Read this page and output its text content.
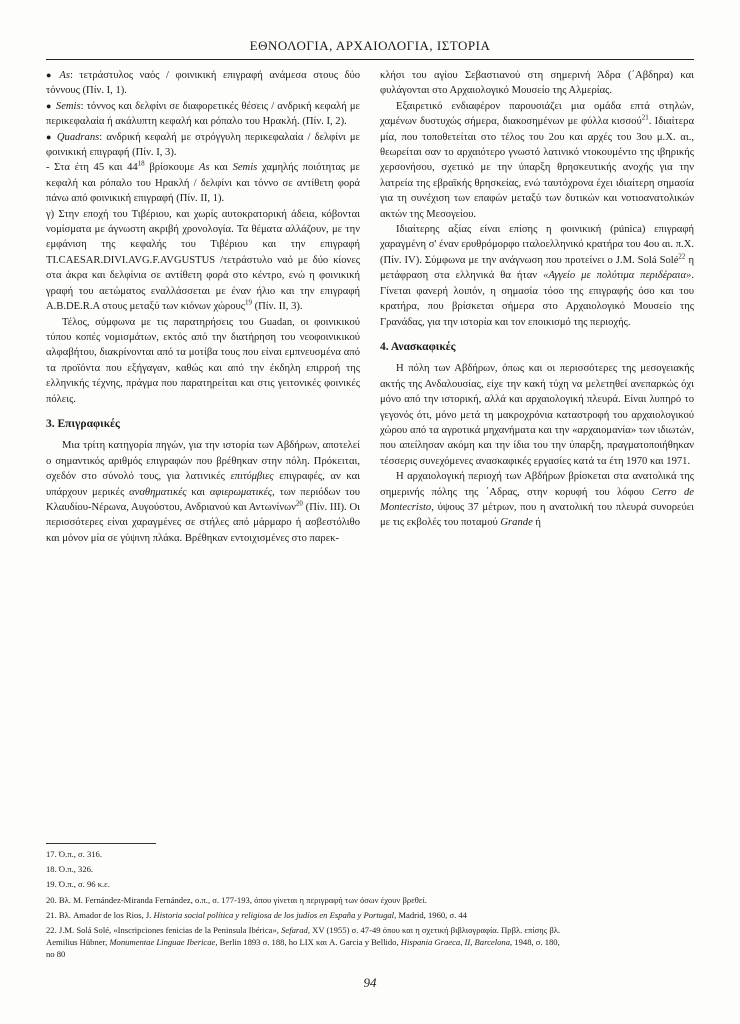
ΕΘΝΟΛΟΓΙΑ, ΑΡΧΑΙΟΛΟΓΙΑ, ΙΣΤΟΡΙΑ

● As: τετράστυλος ναός / φοινικική επιγραφή ανάμεσα στους δύο τόννους (Πίν. Ι, 1).

● Semis: τόννος και δελφίνι σε διαφορετικές θέσεις / ανδρική κεφαλή με περικεφαλαία ή ακάλυπτη κεφαλή και ρόπαλο του Ηρακλή. (Πίν. Ι, 2).

● Quadrans: ανδρική κεφαλή με στρόγγυλη περικεφαλαία / δελφίνι με φοινικική επιγραφή (Πίν. Ι, 3).

- Στα έτη 45 και $44^{18}$ βρίσκουμε As και Semis χαμηλής ποιότητας με κεφαλή και ρόπαλο του Ηρακλή / δελφίνι και τόννο σε αντίθετη φορά πάνω από φοινικική επιγραφή (Πίν. ΙΙ, 1).

γ) Στην εποχή του Τιβέριου, και χωρίς αυτοκρατορική άδεια, κόβονται νομίσματα με άγνωστη ακριβή χρονολογία. Τα θέματα αλλάζουν, με την εμφάνιση της κεφαλής του Τιβέριου και την επιγραφή TI.CAESAR.DIVI.AVG.F.AVGUSTUS /τετράστυλο ναό με δύο κίονες στα άκρα και δελφίνια σε αντίθετη φορά στο κέντρο, ενώ η φοινικική γραφή του αετώματος εναλλάσσεται με έναν ήλιο και την επιγραφή A.B.DE.R.A στους μεταξύ των κιόνων χώρους$^{19}$ (Πίν. ΙΙ, 3).

Τέλος, σύμφωνα με τις παρατηρήσεις του Guadan, οι φοινικικού τύπου κοπές νομισμάτων, εκτός από την διατήρηση του νεοφοινικικού αλφαβήτου, διακρίνονται από τα μοτίβα τους που είναι εμπνευσμένα από τα προϊόντα που εξήγαγαν, καθώς και από την έκδηλη επιρροή της ελληνικής τέχνης, πράγμα που παρατηρείται και στις γειτονικές φοινικές πόλεις.

3. Επιγραφικές

Μια τρίτη κατηγορία πηγών, για την ιστορία των Αβδήρων, αποτελεί ο σημαντικός αριθμός επιγραφών που βρέθηκαν στην πόλη. Πρόκειται, σχεδόν στο σύνολό τους, για λατινικές επιτύμβιες επιγραφές, αν και υπάρχουν μερικές αναθηματικές και αφιερωματικές, των περιόδων του Κλαυδίου-Νέρωνα, Αυγούστου, Ανδριανού και Αντωνίνων$^{20}$ (Πίν. ΙΙΙ). Οι περισσότερες είναι χαραγμένες σε στήλες από μάρμαρο ή ασβεστόλιθο και μόνον μία σε γύψινη πλάκα. Βρέθηκαν εντοιχισμένες στο παρεκ-

κλήσι του αγίου Σεβαστιανού στη σημερινή Άδρα (΄Αβδηρα) και φυλάγονται στο Αρχαιολογικό Μουσείο της Αλμερίας.

Εξαιρετικό ενδιαφέρον παρουσιάζει μια ομάδα επτά στηλών, χαμένων δυστυχώς σήμερα, διακοσημένων με φύλλα κισσού$^{21}$. Ιδιαίτερα μία, που τοποθετείται στο τέλος του 2ου και αρχές του 3ου μ.Χ. αι., θεωρείται σαν το αρχαιότερο γνωστό λατινικό ντοκουμέντο της ιβηρικής χερσονήσου, σχετικό με την ύπαρξη θρησκευτικής ανοχής για την λατρεία της εβραϊκής θρησκείας, ενώ ταυτόχρονα έχει ιδιαίτερη σημασία για τη συνέχιση των επαφών μεταξύ των δυτικών και νοτιοανατολικών ακτών της Μεσογείου.

Ιδιαίτερης αξίας είναι επίσης η φοινικική (púnica) επιγραφή χαραγμένη σ' έναν ερυθρόμορφο ιταλοελληνικό κρατήρα του 4ου αι. π.Χ. (Πίν. IV). Σύμφωνα με την ανάγνωση που προτείνει ο J.M. Solá Solé$^{22}$ η μετάφραση στα ελληνικά θα ήταν «Αγγείο με πολύτιμα περιδέραια». Γίνεται φανερή λοιπόν, η σημασία τόσο της επιγραφής όσο και του κρατήρα, που βρίσκεται σήμερα στο Αρχαιολογικό Μουσείο της Γρανάδας, για την ιστορία και τον εποικισμό της περιοχής.

4. Ανασκαφικές

Η πόλη των Αβδήρων, όπως και οι περισσότερες της μεσογειακής ακτής της Ανδαλουσίας, είχε την κακή τύχη να μελετηθεί ανεπαρκώς όχι μόνο από την ιστορική, αλλά και αρχαιολογική πλευρά. Είναι λυπηρό το γεγονός ότι, μόνο μετά τη μακροχρόνια καταστροφή του αρχαιολογικού χώρου από τα αγροτικά μηχανήματα και την «αρχαιομανία» των ιδιωτών, που απείλησαν ακόμη και την ίδια του την ύπαρξη, πραγματοποιήθηκαν τέσσερις συνεχόμενες ανασκαφικές εργασίες κατά τα έτη 1970 και 1971.

Η αρχαιολογική περιοχή των Αβδήρων βρίσκεται στα ανατολικά της σημερινής πόλης της ΄Αδρας, στην κορυφή του λόφου Cerro de Montecristo, ύψους 37 μέτρων, που η ανατολική του πλευρά συνορεύει με τις εκβολές του ποταμού Grande ή

17. Ό.π., σ. 316.

18. Ό.π., 326.

19. Ό.π., σ. 96 κ.ε.

20. Βλ. M. Fernández-Miranda Fernández, ο.π., σ. 177-193, όπου γίνεται η περιγραφή των όσων έχουν βρεθεί.

21. Βλ. Amador de los Rios, J. Historia social política y religiosa de los judíos en España y Portugal, Madrid, 1960, σ. 44

22. J.M. Solá Solé, «Inscripciones fenicias de la Peninsula Ibérica», Sefarad, XV (1955) σ. 47-49 όπου και η σχετική βιβλιογραφία. Πρβλ. επίσης βλ. Aemilius Hübner, Monumentae Linguae Ibericae, Berlin 1893 σ. 188, ho LIX και A. Garcia y Bellido, Hispania Graeca, II, Barcelona, 1948, σ. 180, no 80

94
